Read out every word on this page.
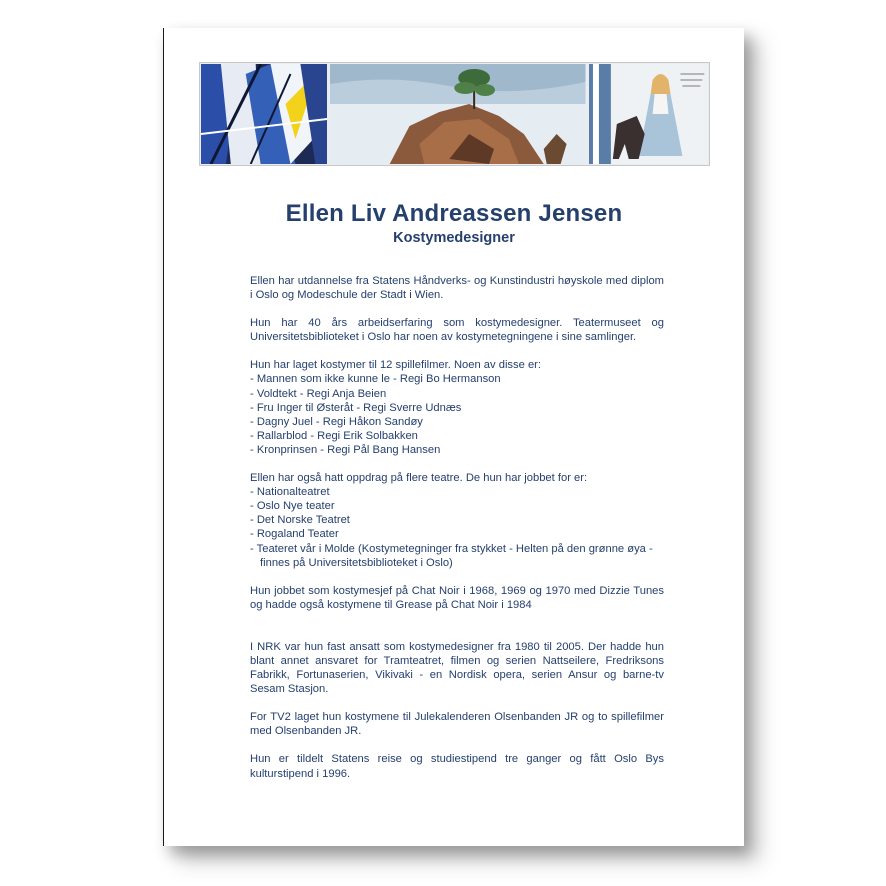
Ellen Liv Andreassen Jensen
Kostymedesigner

Ellen har utdannelse fra Statens Håndverks- og Kunstindustri høyskole med diplom i Oslo og Modeschule der Stadt i Wien.

Hun har 40 års arbeidserfaring som kostymedesigner. Teatermuseet og Universitetsbiblioteket i Oslo har noen av kostymetegningene i sine samlinger.

Hun har laget kostymer til 12 spillefilmer. Noen av disse er:
- Mannen som ikke kunne le - Regi Bo Hermanson
- Voldtekt - Regi Anja Beien
- Fru Inger til Østeråt - Regi Sverre Udnæs
- Dagny Juel - Regi Håkon Sandøy
- Rallarblod - Regi Erik Solbakken
- Kronprinsen - Regi Pål Bang Hansen
Ellen har også hatt oppdrag på flere teatre. De hun har jobbet for er:
- Nationalteatret
- Oslo Nye teater
- Det Norske Teatret
- Rogaland Teater
- Teateret vår i Molde (Kostymetegninger fra stykket - Helten på den grønne øya - finnes på Universitetsbiblioteket i Oslo)

Hun jobbet som kostymesjef på Chat Noir i 1968, 1969 og 1970 med Dizzie Tunes og hadde også kostymene til Grease på Chat Noir i 1984

I NRK var hun fast ansatt som kostymedesigner fra 1980 til 2005. Der hadde hun blant annet ansvaret for Tramteatret, filmen og serien Nattseilere, Fredriksons Fabrikk, Fortunaserien, Vikivaki - en Nordisk opera, serien Ansur og barne-tv Sesam Stasjon.

For TV2 laget hun kostymene til Julekalenderen Olsenbanden JR og to spillefilmer med Olsenbanden JR.

Hun er tildelt Statens reise og studiestipend tre ganger og fått Oslo Bys kulturstipend i 1996.
